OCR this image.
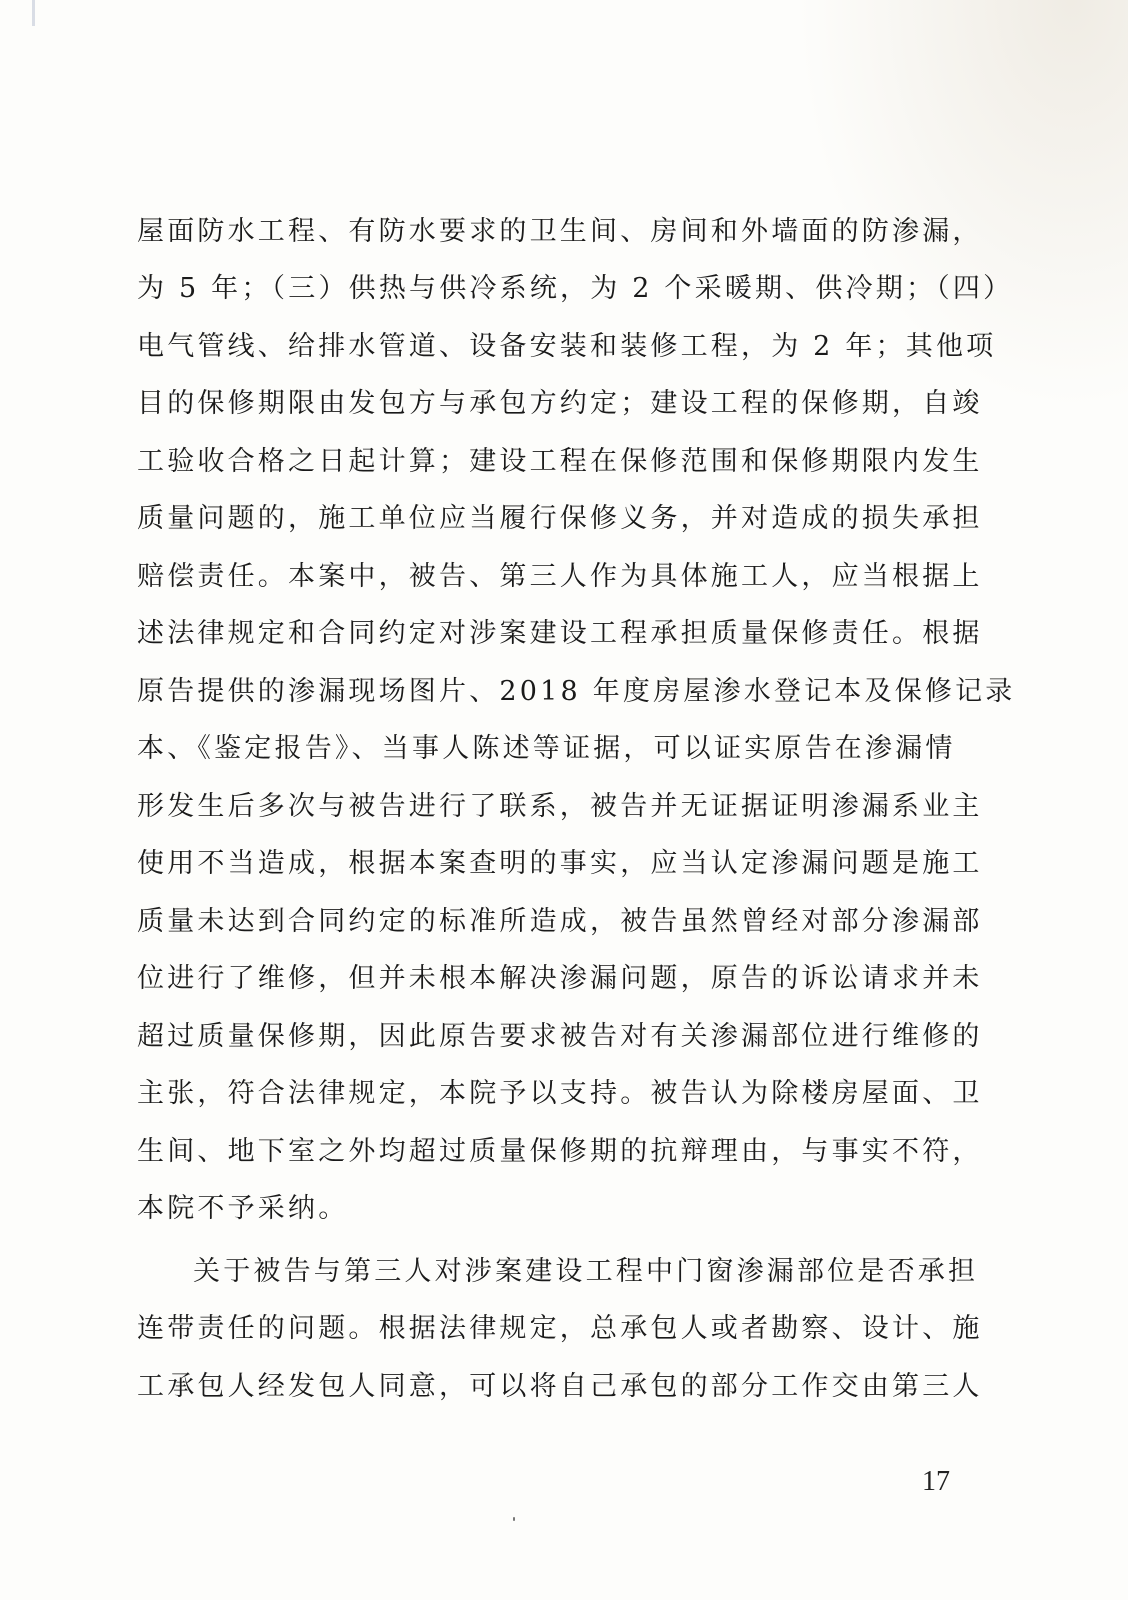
屋面防水工程、有防水要求的卫生间、房间和外墙面的防渗漏，
为 5 年；（三）供热与供冷系统，为 2 个采暖期、供冷期；（四）
电气管线、给排水管道、设备安装和装修工程，为 2 年；其他项
目的保修期限由发包方与承包方约定；建设工程的保修期，自竣
工验收合格之日起计算；建设工程在保修范围和保修期限内发生
质量问题的，施工单位应当履行保修义务，并对造成的损失承担
赔偿责任。本案中，被告、第三人作为具体施工人，应当根据上
述法律规定和合同约定对涉案建设工程承担质量保修责任。根据
原告提供的渗漏现场图片、2018 年度房屋渗水登记本及保修记录
本、《鉴定报告》、当事人陈述等证据，可以证实原告在渗漏情
形发生后多次与被告进行了联系，被告并无证据证明渗漏系业主
使用不当造成，根据本案查明的事实，应当认定渗漏问题是施工
质量未达到合同约定的标准所造成，被告虽然曾经对部分渗漏部
位进行了维修，但并未根本解决渗漏问题，原告的诉讼请求并未
超过质量保修期，因此原告要求被告对有关渗漏部位进行维修的
主张，符合法律规定，本院予以支持。被告认为除楼房屋面、卫
生间、地下室之外均超过质量保修期的抗辩理由，与事实不符，
本院不予采纳。
关于被告与第三人对涉案建设工程中门窗渗漏部位是否承担
连带责任的问题。根据法律规定，总承包人或者勘察、设计、施
工承包人经发包人同意，可以将自己承包的部分工作交由第三人
17
